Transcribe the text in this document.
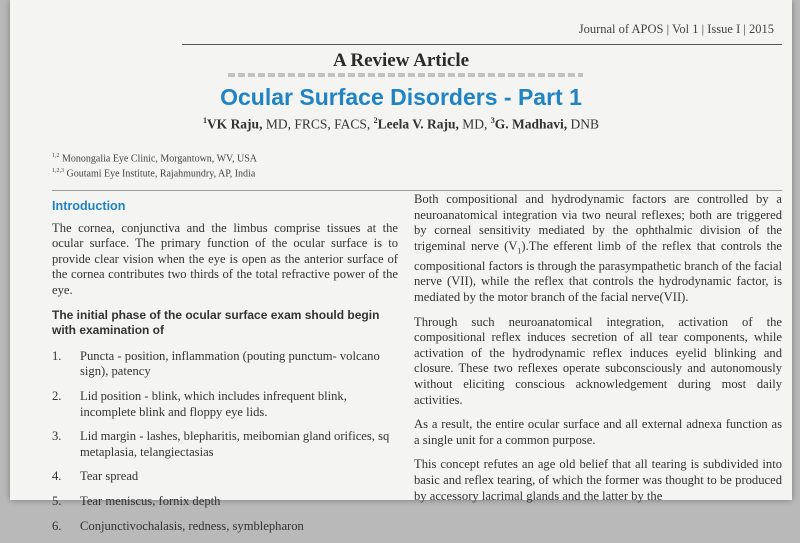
Journal of APOS | Vol 1 | Issue I | 2015
A Review Article
Ocular Surface Disorders - Part 1
$^1$VK Raju, MD, FRCS, FACS, $^2$Leela V. Raju, MD, $^3$G. Madhavi, DNB
$^{1,2}$ Monongalia Eye Clinic, Morgantown, WV, USA
$^{1,2,3}$ Goutami Eye Institute, Rajahmundry, AP, India
Introduction

The cornea, conjunctiva and the limbus comprise tissues at the ocular surface. The primary function of the ocular surface is to provide clear vision when the eye is open as the anterior surface of the cornea contributes two thirds of the total refractive power of the eye.

The initial phase of the ocular surface exam should begin with examination of
1. Puncta - position, inflammation (pouting punctum- volcano sign), patency
2. Lid position - blink, which includes infrequent blink, incomplete blink and floppy eye lids.
3. Lid margin - lashes, blepharitis, meibomian gland orifices, sq metaplasia, telangiectasias
4. Tear spread
5. Tear meniscus, fornix depth
6. Conjunctivochalasis, redness, symblepharon

Both compositional and hydrodynamic factors are controlled by a neuroanatomical integration via two neural reflexes; both are triggered by corneal sensitivity mediated by the ophthalmic division of the trigeminal nerve $(V_1).The$ efferent limb of the reflex that controls the compositional factors is through the parasympathetic branch of the facial nerve (VII), while the reflex that controls the hydrodynamic factor, is mediated by the motor branch of the facial nerve(VII).

Through such neuroanatomical integration, activation of the compositional reflex induces secretion of all tear components, while activation of the hydrodynamic reflex induces eyelid blinking and closure. These two reflexes operate subconsciously and autonomously without eliciting conscious acknowledgement during most daily activities.

As a result, the entire ocular surface and all external adnexa function as a single unit for a common purpose.

This concept refutes an age old belief that all tearing is subdivided into basic and reflex tearing, of which the former was thought to be produced by accessory lacrimal glands and the latter by the
